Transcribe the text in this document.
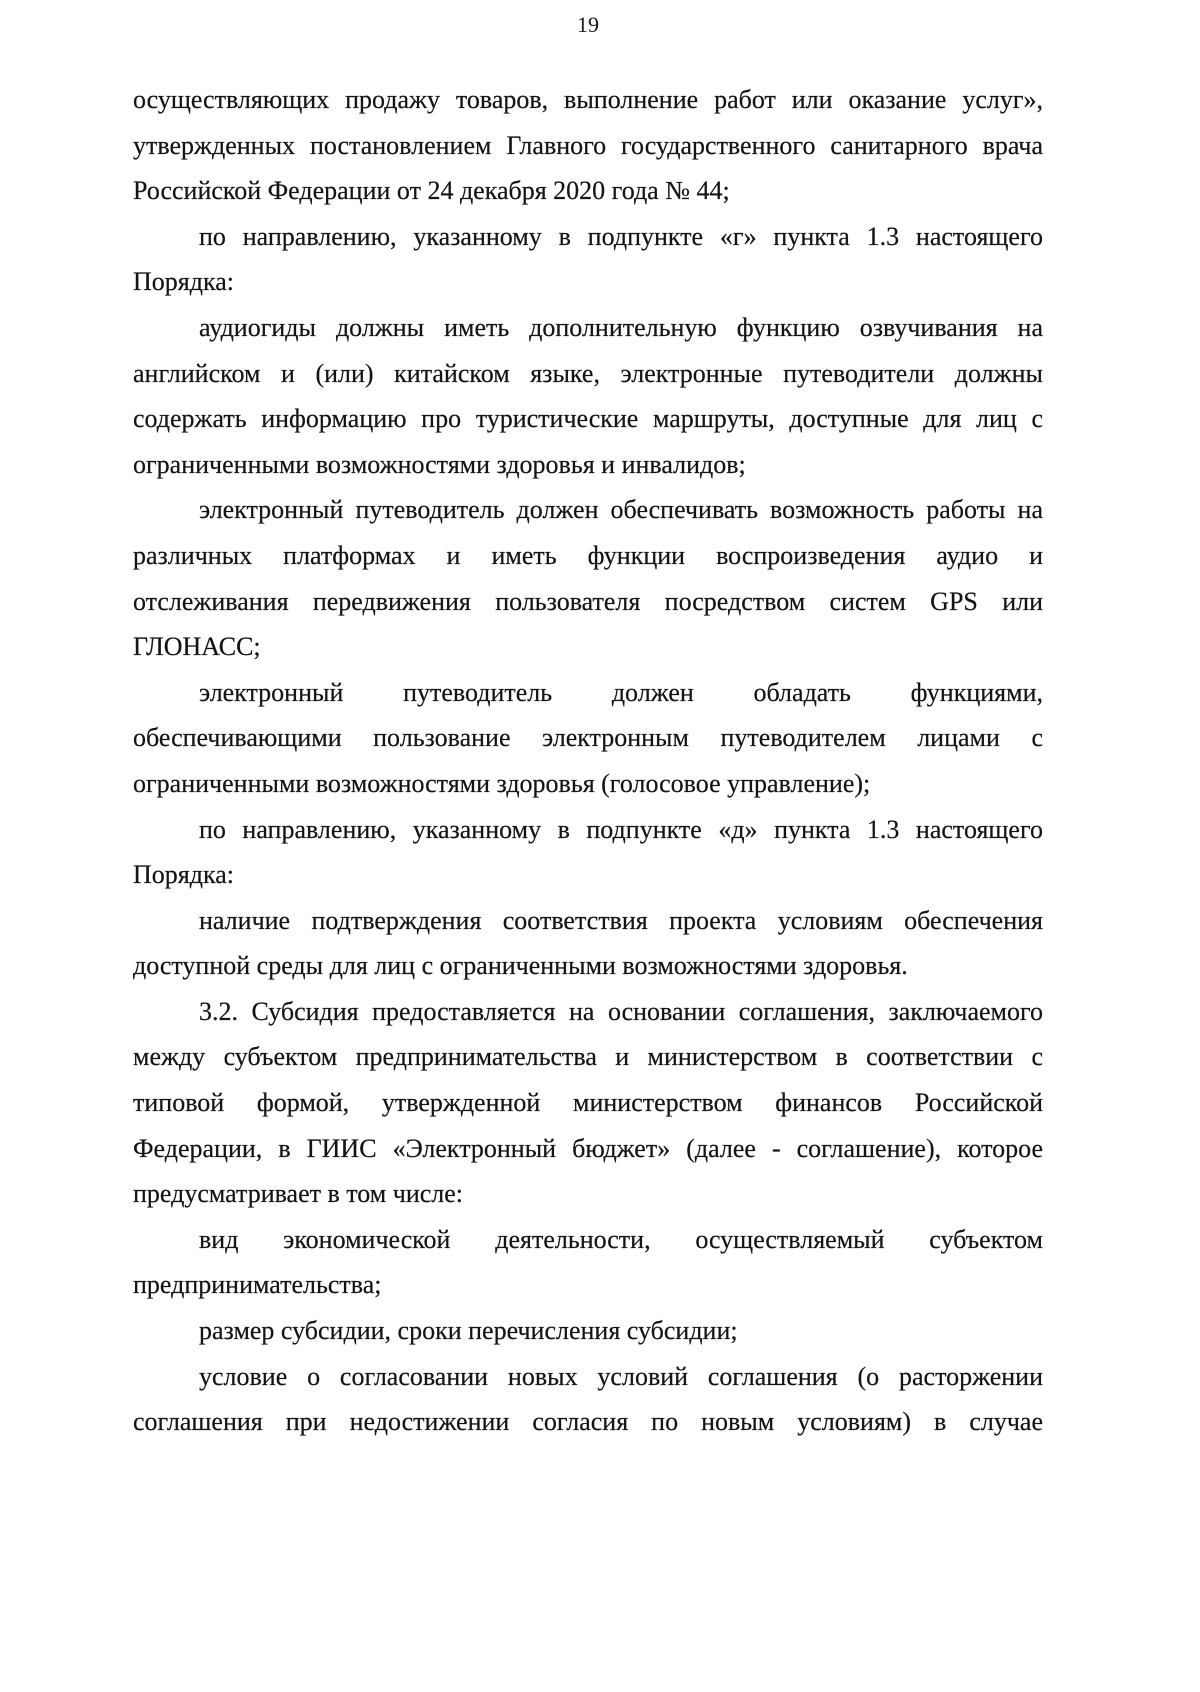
19
осуществляющих продажу товаров, выполнение работ или оказание услуг»,
утвержденных постановлением Главного государственного санитарного врача
Российской Федерации от 24 декабря 2020 года № 44;
по направлению, указанному в подпункте «г» пункта 1.3 настоящего
Порядка:
аудиогиды должны иметь дополнительную функцию озвучивания на
английском и (или) китайском языке, электронные путеводители должны
содержать информацию про туристические маршруты, доступные для лиц с
ограниченными возможностями здоровья и инвалидов;
электронный путеводитель должен обеспечивать возможность работы на
различных платформах и иметь функции воспроизведения аудио и
отслеживания передвижения пользователя посредством систем GPS или
ГЛОНАСС;
электронный путеводитель должен обладать функциями,
обеспечивающими пользование электронным путеводителем лицами с
ограниченными возможностями здоровья (голосовое управление);
по направлению, указанному в подпункте «д» пункта 1.3 настоящего
Порядка:
наличие подтверждения соответствия проекта условиям обеспечения
доступной среды для лиц с ограниченными возможностями здоровья.
3.2. Субсидия предоставляется на основании соглашения, заключаемого
между субъектом предпринимательства и министерством в соответствии с
типовой формой, утвержденной министерством финансов Российской
Федерации, в ГИИС «Электронный бюджет» (далее - соглашение), которое
предусматривает в том числе:
вид экономической деятельности, осуществляемый субъектом
предпринимательства;
размер субсидии, сроки перечисления субсидии;
условие о согласовании новых условий соглашения (о расторжении
соглашения при недостижении согласия по новым условиям) в случае
